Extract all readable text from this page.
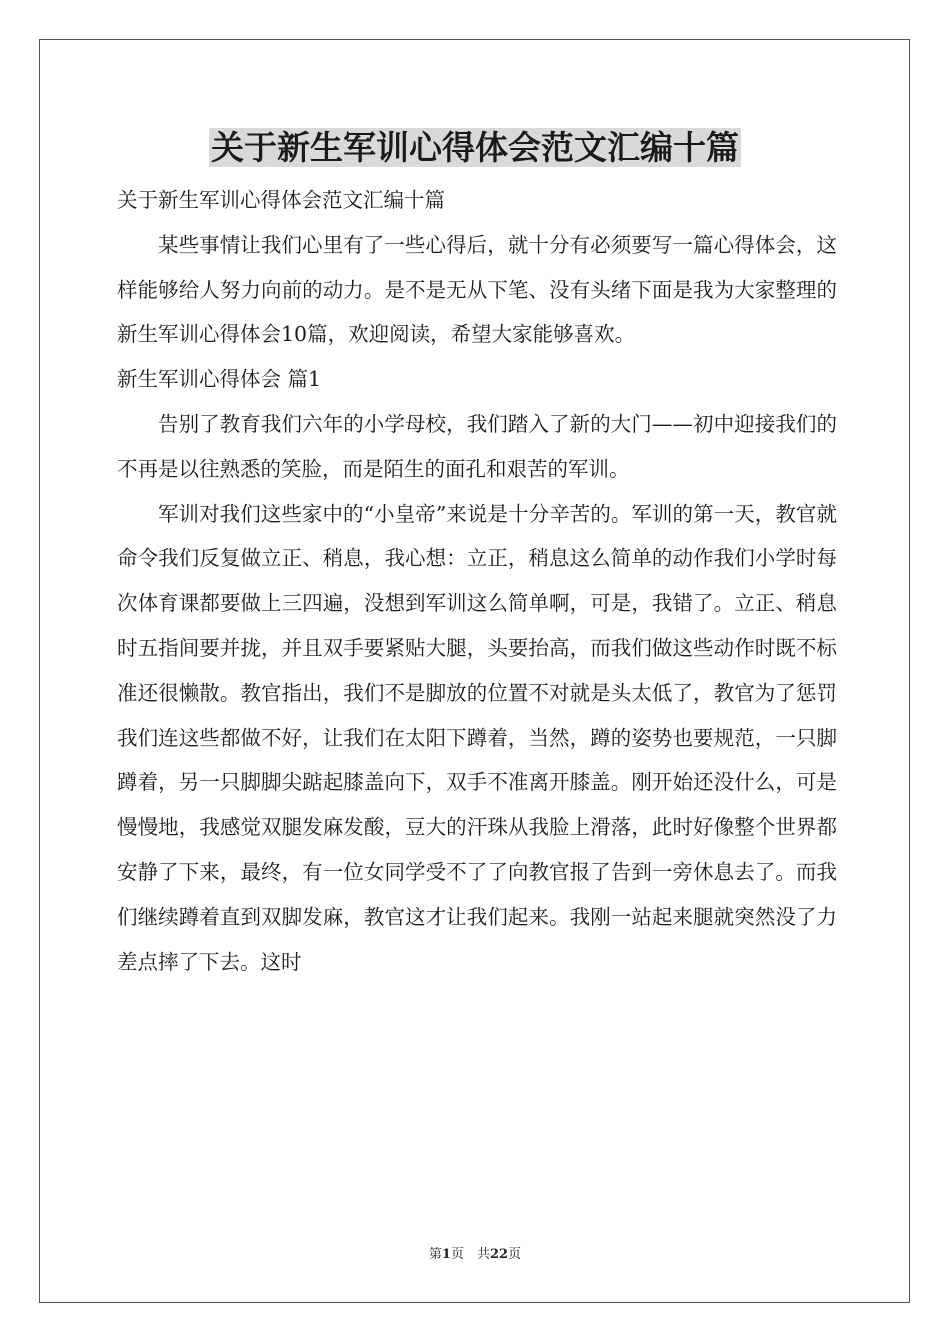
关于新生军训心得体会范文汇编十篇

关于新生军训心得体会范文汇编十篇

某些事情让我们心里有了一些心得后，就十分有必须要写一篇心得体会，这样能够给人努力向前的动力。是不是无从下笔、没有头绪下面是我为大家整理的新生军训心得体会10篇，欢迎阅读，希望大家能够喜欢。

新生军训心得体会 篇1

告别了教育我们六年的小学母校，我们踏入了新的大门——初中迎接我们的不再是以往熟悉的笑脸，而是陌生的面孔和艰苦的军训。

军训对我们这些家中的“小皇帝”来说是十分辛苦的。军训的第一天，教官就命令我们反复做立正、稍息，我心想：立正，稍息这么简单的动作我们小学时每次体育课都要做上三四遍，没想到军训这么简单啊，可是，我错了。立正、稍息时五指间要并拢，并且双手要紧贴大腿，头要抬高，而我们做这些动作时既不标准还很懒散。教官指出，我们不是脚放的位置不对就是头太低了，教官为了惩罚我们连这些都做不好，让我们在太阳下蹲着，当然，蹲的姿势也要规范，一只脚蹲着，另一只脚脚尖踮起膝盖向下，双手不准离开膝盖。刚开始还没什么，可是慢慢地，我感觉双腿发麻发酸，豆大的汗珠从我脸上滑落，此时好像整个世界都安静了下来，最终，有一位女同学受不了了向教官报了告到一旁休息去了。而我们继续蹲着直到双脚发麻，教官这才让我们起来。我刚一站起来腿就突然没了力差点摔了下去。这时

第1页　共22页
